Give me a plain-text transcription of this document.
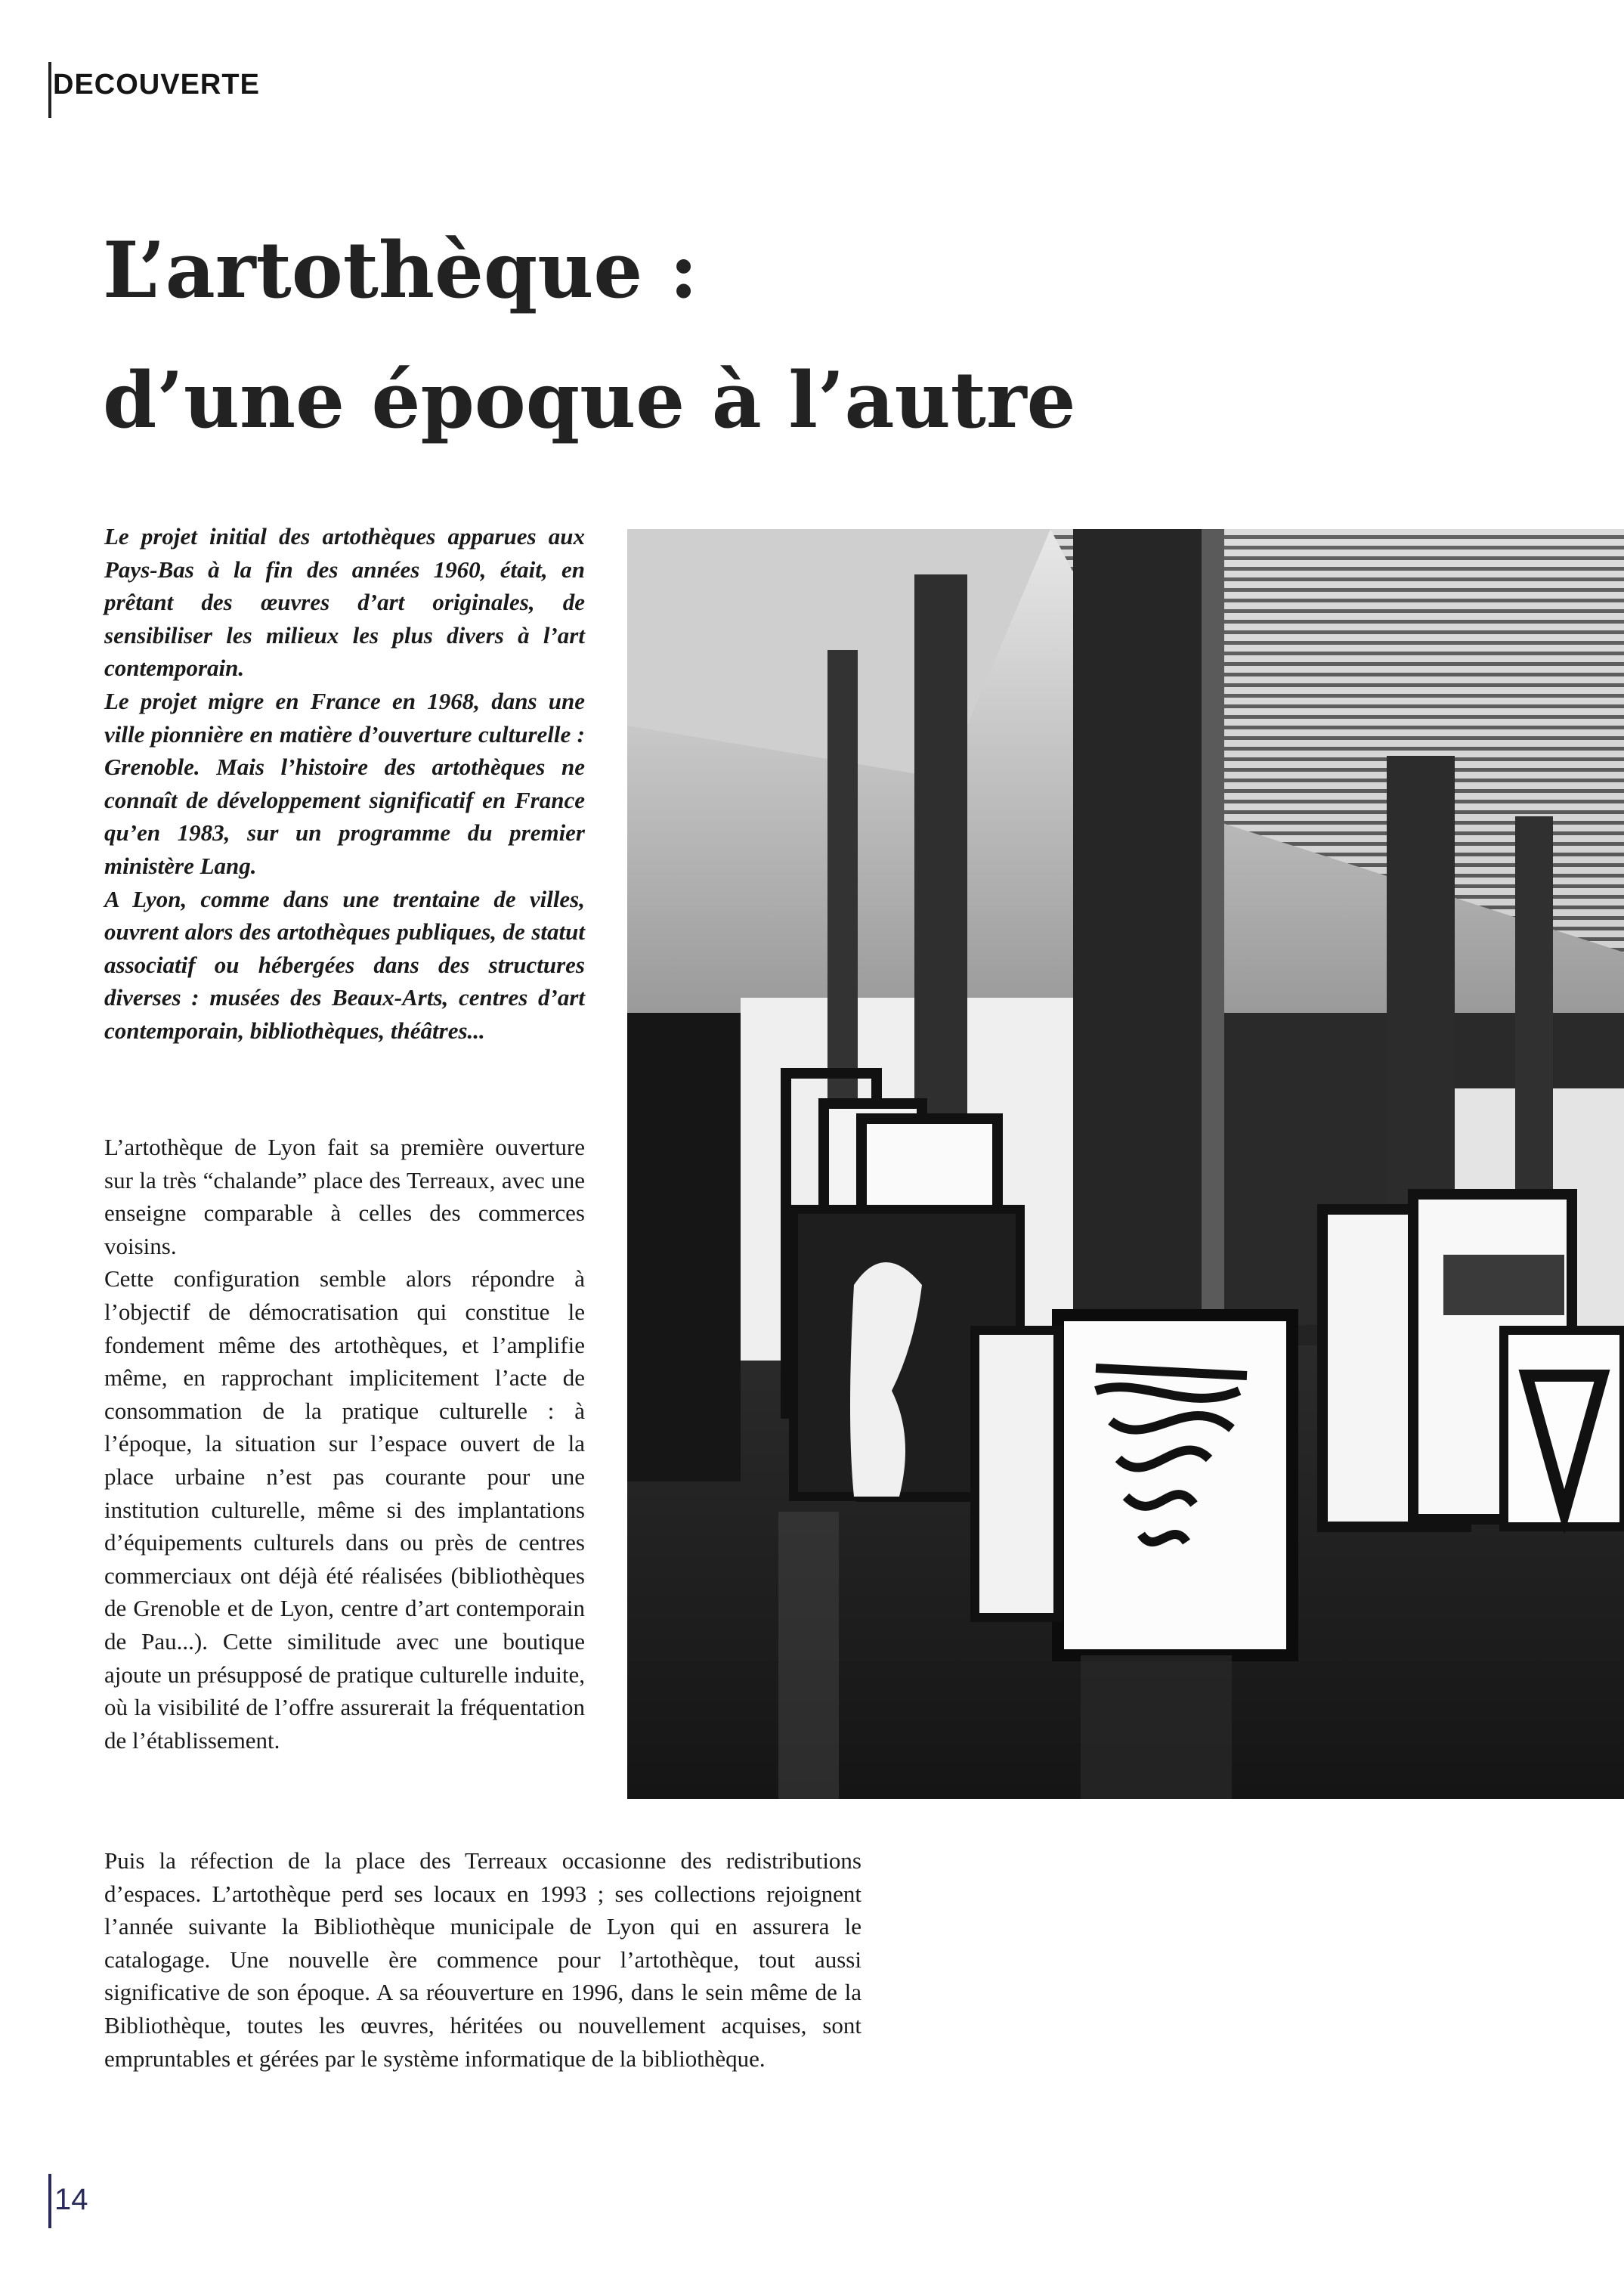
DECOUVERTE
L’artothèque :
d’une époque à l’autre

Le projet initial des artothèques apparues aux Pays-Bas à la fin des années 1960, était, en prêtant des œuvres d’art originales, de sensibiliser les milieux les plus divers à l’art contemporain.

Le projet migre en France en 1968, dans une ville pionnière en matière d’ouverture culturelle : Grenoble. Mais l’histoire des artothèques ne connaît de développement significatif en France qu’en 1983, sur un programme du premier ministère Lang.

A Lyon, comme dans une trentaine de villes, ouvrent alors des artothèques publiques, de statut associatif ou hébergées dans des structures diverses : musées des Beaux-Arts, centres d’art contemporain, bibliothèques, théâtres...

L’artothèque de Lyon fait sa première ouverture sur la très “chalande” place des Terreaux, avec une enseigne comparable à celles des commerces voisins.

Cette configuration semble alors répondre à l’objectif de démocratisation qui constitue le fondement même des artothèques, et l’amplifie même, en rapprochant implicitement l’acte de consommation de la pratique culturelle : à l’époque, la situation sur l’espace ouvert de la place urbaine n’est pas courante pour une institution culturelle, même si des implantations d’équipements culturels dans ou près de centres commerciaux ont déjà été réalisées (bibliothèques de Grenoble et de Lyon, centre d’art contemporain de Pau...). Cette similitude avec une boutique ajoute un présupposé de pratique culturelle induite, où la visibilité de l’offre assurerait la fréquentation de l’établissement.

Puis la réfection de la place des Terreaux occasionne des redistributions d’espaces. L’artothèque perd ses locaux en 1993 ; ses collections rejoignent l’année suivante la Bibliothèque municipale de Lyon qui en assurera le catalogage. Une nouvelle ère commence pour l’artothèque, tout aussi significative de son époque. A sa réouverture en 1996, dans le sein même de la Bibliothèque, toutes les œuvres, héritées ou nouvellement acquises, sont empruntables et gérées par le système informatique de la bibliothèque.

14
